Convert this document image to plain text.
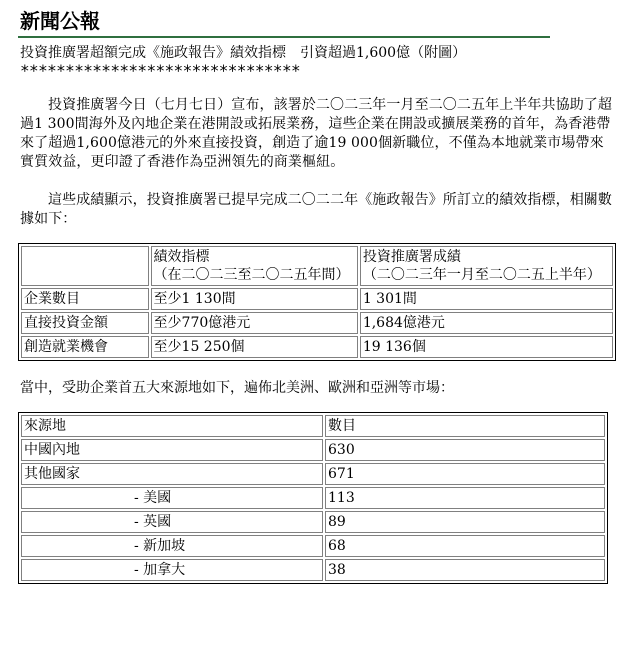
新聞公報

投資推廣署超額完成《施政報告》績效指標　引資超過1,600億（附圖）

*******************************

投資推廣署今日（七月七日）宣布，該署於二〇二三年一月至二〇二五年上半年共協助了超過1 300間海外及內地企業在港開設或拓展業務，這些企業在開設或擴展業務的首年，為香港帶來了超過1,600億港元的外來直接投資，創造了逾19 000個新職位，不僅為本地就業市場帶來實質效益，更印證了香港作為亞洲領先的商業樞紐。

這些成績顯示，投資推廣署已提早完成二〇二二年《施政報告》所訂立的績效指標，相關數據如下：

	績效指標
（在二〇二三至二〇二五年間）	投資推廣署成績
（二〇二三年一月至二〇二五上半年）
企業數目	至少1 130間	1 301間
直接投資金額	至少770億港元	1,684億港元
創造就業機會	至少15 250個	19 136個

當中，受助企業首五大來源地如下，遍佈北美洲、歐洲和亞洲等市場：

來源地	數目
中國內地	630
其他國家	671
- 美國	113
- 英國	89
- 新加坡	68
- 加拿大	38
